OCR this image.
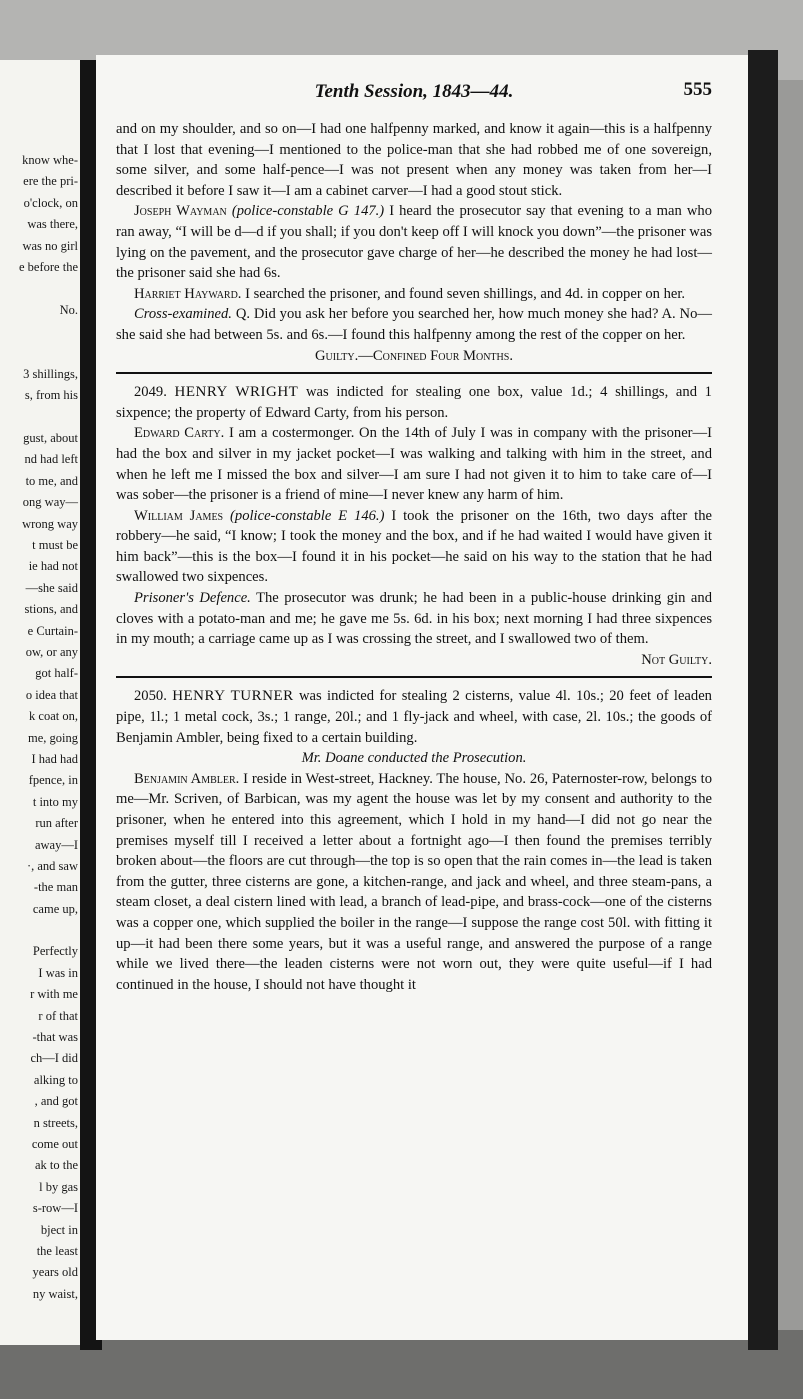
know whe-
ere the pri-
o'clock, on
was there,
was no girl
e before the

No.

3 shillings,
s, from his

gust, about
nd had left
to me, and
ong way—
wrong way
t must be
ie had not
—she said
stions, and
e Curtain-
ow, or any
got half-
o idea that
k coat on,
me, going
I had had
fpence, in
t into my
run after
away—I
·, and saw
-the man
came up,

Perfectly
I was in
r with me
r of that
-that was
ch—I did
alking to
, and got
n streets,
come out
ak to the
l by gas
s-row—I
bject in
the least
years old
ny waist,
Tenth Session, 1843—44.	555

and on my shoulder, and so on—I had one halfpenny marked, and know it again—this is a halfpenny that I lost that evening—I mentioned to the police-man that she had robbed me of one sovereign, some silver, and some half-pence—I was not present when any money was taken from her—I described it before I saw it—I am a cabinet carver—I had a good stout stick.

Joseph Wayman (police-constable G 147.) I heard the prosecutor say that evening to a man who ran away, “I will be d—d if you shall; if you don't keep off I will knock you down”—the prisoner was lying on the pavement, and the prosecutor gave charge of her—he described the money he had lost—the prisoner said she had 6s.

Harriet Hayward. I searched the prisoner, and found seven shillings, and 4d. in copper on her.

Cross-examined. Q. Did you ask her before you searched her, how much money she had? A. No—she said she had between 5s. and 6s.—I found this halfpenny among the rest of the copper on her.

Guilty.—Confined Four Months.

2049. HENRY WRIGHT was indicted for stealing one box, value 1d.; 4 shillings, and 1 sixpence; the property of Edward Carty, from his person.

Edward Carty. I am a costermonger. On the 14th of July I was in company with the prisoner—I had the box and silver in my jacket pocket—I was walking and talking with him in the street, and when he left me I missed the box and silver—I am sure I had not given it to him to take care of—I was sober—the prisoner is a friend of mine—I never knew any harm of him.

William James (police-constable E 146.) I took the prisoner on the 16th, two days after the robbery—he said, “I know; I took the money and the box, and if he had waited I would have given it him back”—this is the box—I found it in his pocket—he said on his way to the station that he had swallowed two sixpences.

Prisoner's Defence. The prosecutor was drunk; he had been in a public-house drinking gin and cloves with a potato-man and me; he gave me 5s. 6d. in his box; next morning I had three sixpences in my mouth; a carriage came up as I was crossing the street, and I swallowed two of them.

Not Guilty.

2050. HENRY TURNER was indicted for stealing 2 cisterns, value 4l. 10s.; 20 feet of leaden pipe, 1l.; 1 metal cock, 3s.; 1 range, 20l.; and 1 fly-jack and wheel, with case, 2l. 10s.; the goods of Benjamin Ambler, being fixed to a certain building.

Mr. Doane conducted the Prosecution.

Benjamin Ambler. I reside in West-street, Hackney. The house, No. 26, Paternoster-row, belongs to me—Mr. Scriven, of Barbican, was my agent the house was let by my consent and authority to the prisoner, when he entered into this agreement, which I hold in my hand—I did not go near the premises myself till I received a letter about a fortnight ago—I then found the premises terribly broken about—the floors are cut through—the top is so open that the rain comes in—the lead is taken from the gutter, three cisterns are gone, a kitchen-range, and jack and wheel, and three steam-pans, a steam closet, a deal cistern lined with lead, a branch of lead-pipe, and brass-cock—one of the cisterns was a copper one, which supplied the boiler in the range—I suppose the range cost 50l. with fitting it up—it had been there some years, but it was a useful range, and answered the purpose of a range while we lived there—the leaden cisterns were not worn out, they were quite useful—if I had continued in the house, I should not have thought it
